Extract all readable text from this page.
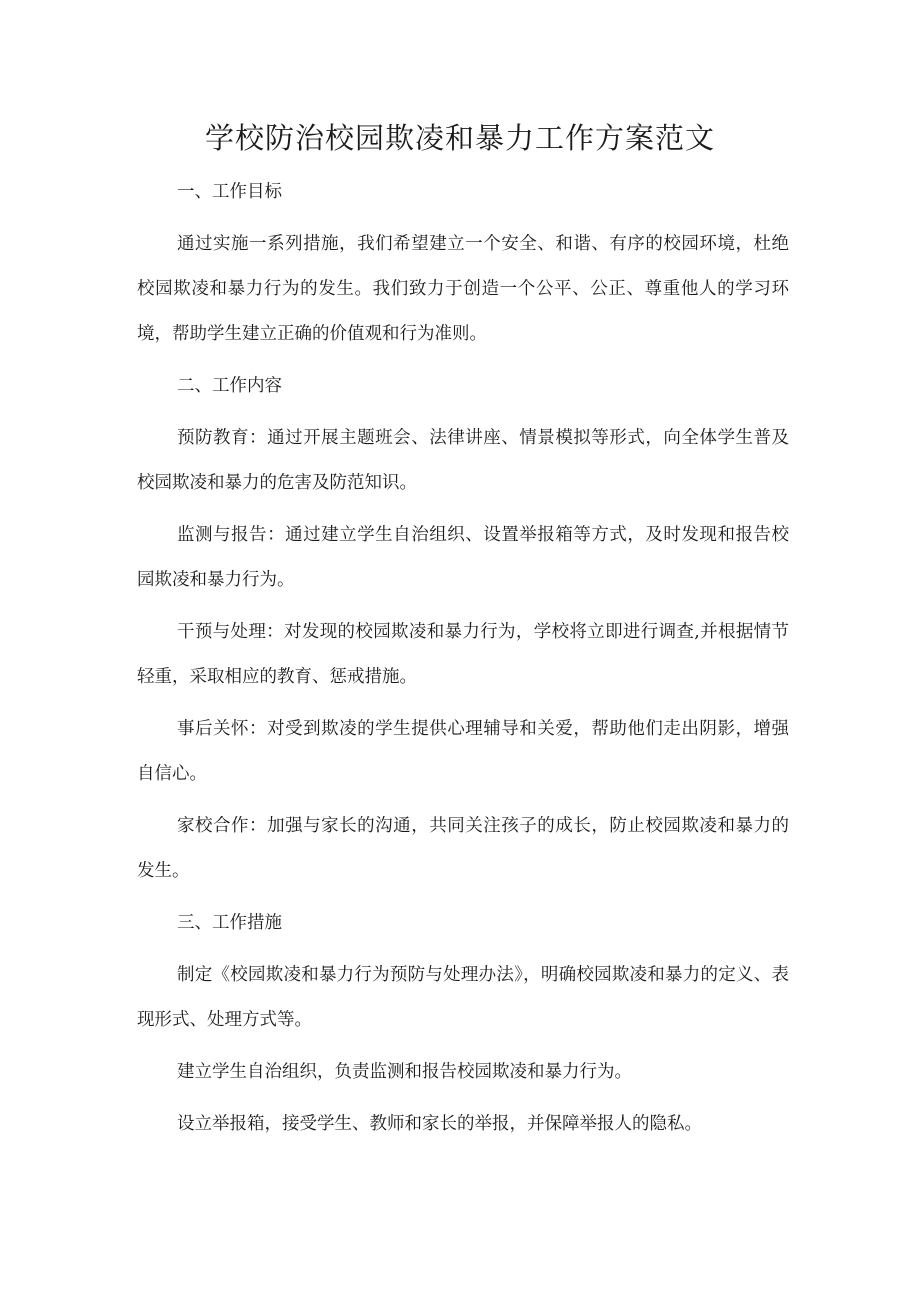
学校防治校园欺凌和暴力工作方案范文

一、工作目标

通过实施一系列措施，我们希望建立一个安全、和谐、有序的校园环境，杜绝校园欺凌和暴力行为的发生。我们致力于创造一个公平、公正、尊重他人的学习环境，帮助学生建立正确的价值观和行为准则。

二、工作内容

预防教育：通过开展主题班会、法律讲座、情景模拟等形式，向全体学生普及校园欺凌和暴力的危害及防范知识。

监测与报告：通过建立学生自治组织、设置举报箱等方式，及时发现和报告校园欺凌和暴力行为。

干预与处理：对发现的校园欺凌和暴力行为，学校将立即进行调查,并根据情节轻重，采取相应的教育、惩戒措施。

事后关怀：对受到欺凌的学生提供心理辅导和关爱，帮助他们走出阴影，增强自信心。

家校合作：加强与家长的沟通，共同关注孩子的成长，防止校园欺凌和暴力的发生。

三、工作措施

制定《校园欺凌和暴力行为预防与处理办法》，明确校园欺凌和暴力的定义、表现形式、处理方式等。

建立学生自治组织，负责监测和报告校园欺凌和暴力行为。

设立举报箱，接受学生、教师和家长的举报，并保障举报人的隐私。
